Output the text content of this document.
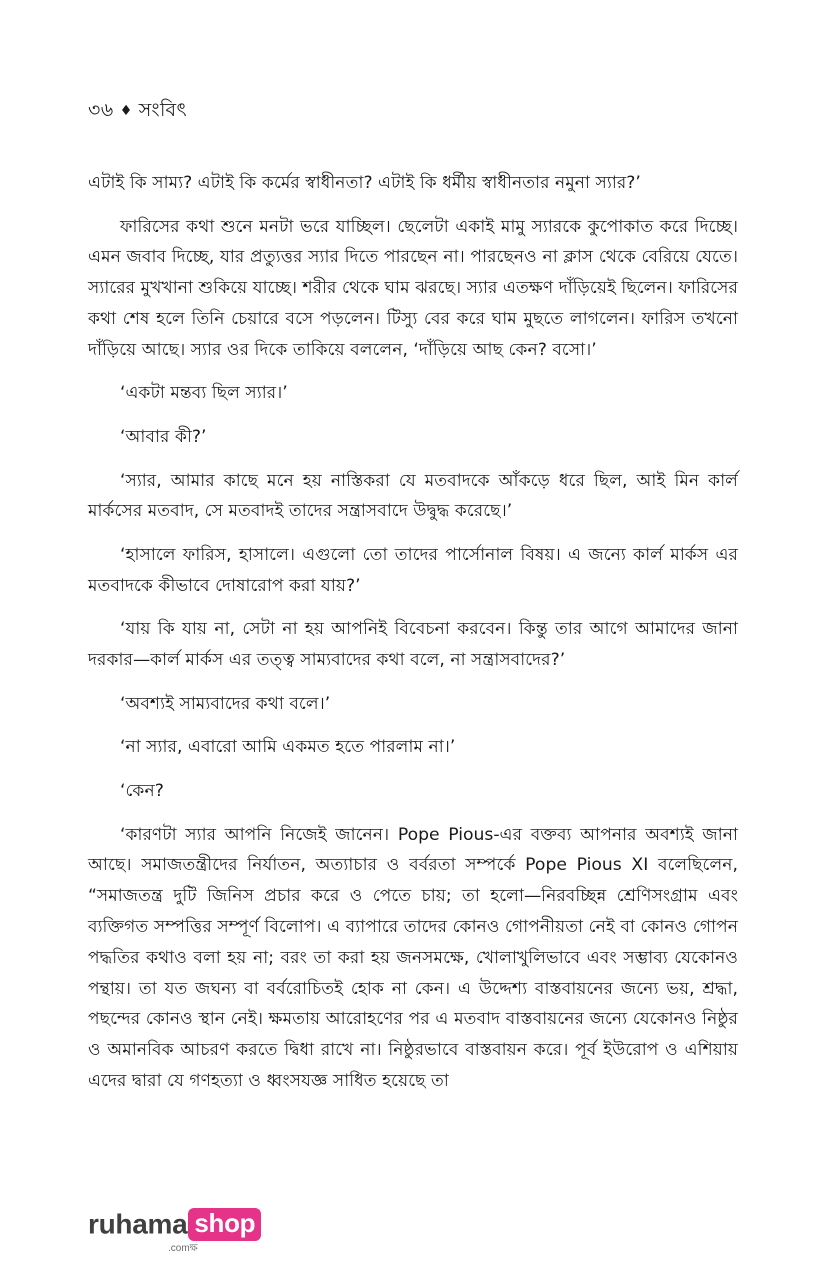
৩৬ ♦ সংবিৎ

এটাই কি সাম্য? এটাই কি কর্মের স্বাধীনতা? এটাই কি ধর্মীয় স্বাধীনতার নমুনা স্যার?’

ফারিসের কথা শুনে মনটা ভরে যাচ্ছিল। ছেলেটা একাই মামু স্যারকে কুপোকাত করে দিচ্ছে। এমন জবাব দিচ্ছে, যার প্রত্যুত্তর স্যার দিতে পারছেন না। পারছেনও না ক্লাস থেকে বেরিয়ে যেতে। স্যারের মুখখানা শুকিয়ে যাচ্ছে। শরীর থেকে ঘাম ঝরছে। স্যার এতক্ষণ দাঁড়িয়েই ছিলেন। ফারিসের কথা শেষ হলে তিনি চেয়ারে বসে পড়লেন। টিস্যু বের করে ঘাম মুছতে লাগলেন। ফারিস তখনো দাঁড়িয়ে আছে। স্যার ওর দিকে তাকিয়ে বললেন, ‘দাঁড়িয়ে আছ কেন? বসো।’

‘একটা মন্তব্য ছিল স্যার।’

‘আবার কী?’

‘স্যার, আমার কাছে মনে হয় নাস্তিকরা যে মতবাদকে আঁকড়ে ধরে ছিল, আই মিন কার্ল মার্কসের মতবাদ, সে মতবাদই তাদের সন্ত্রাসবাদে উদ্বুদ্ধ করেছে।’

‘হাসালে ফারিস, হাসালে। এগুলো তো তাদের পার্সোনাল বিষয়। এ জন্যে কার্ল মার্কস এর মতবাদকে কীভাবে দোষারোপ করা যায়?’

‘যায় কি যায় না, সেটা না হয় আপনিই বিবেচনা করবেন। কিন্তু তার আগে আমাদের জানা দরকার—কার্ল মার্কস এর তত্ত্ব সাম্যবাদের কথা বলে, না সন্ত্রাসবাদের?’

‘অবশ্যই সাম্যবাদের কথা বলে।’

‘না স্যার, এবারো আমি একমত হতে পারলাম না।’

‘কেন?

‘কারণটা স্যার আপনি নিজেই জানেন। Pope Pious-এর বক্তব্য আপনার অবশ্যই জানা আছে। সমাজতন্ত্রীদের নির্যাতন, অত্যাচার ও বর্বরতা সম্পর্কে Pope Pious XI বলেছিলেন, “সমাজতন্ত্র দুটি জিনিস প্রচার করে ও পেতে চায়; তা হলো—নিরবচ্ছিন্ন শ্রেণিসংগ্রাম এবং ব্যক্তিগত সম্পত্তির সম্পূর্ণ বিলোপ। এ ব্যাপারে তাদের কোনও গোপনীয়তা নেই বা কোনও গোপন পদ্ধতির কথাও বলা হয় না; বরং তা করা হয় জনসমক্ষে, খোলাখুলিভাবে এবং সম্ভাব্য যেকোনও পন্থায়। তা যত জঘন্য বা বর্বরোচিতই হোক না কেন। এ উদ্দেশ্য বাস্তবায়নের জন্যে ভয়, শ্রদ্ধা, পছন্দের কোনও স্থান নেই। ক্ষমতায় আরোহণের পর এ মতবাদ বাস্তবায়নের জন্যে যেকোনও নিষ্ঠুর ও অমানবিক আচরণ করতে দ্বিধা রাখে না। নিষ্ঠুরভাবে বাস্তবায়ন করে। পূর্ব ইউরোপ ও এশিয়ায় এদের দ্বারা যে গণহত্যা ও ধ্বংসযজ্ঞ সাধিত হয়েছে তা

ruhama shop
.comক্ষ
